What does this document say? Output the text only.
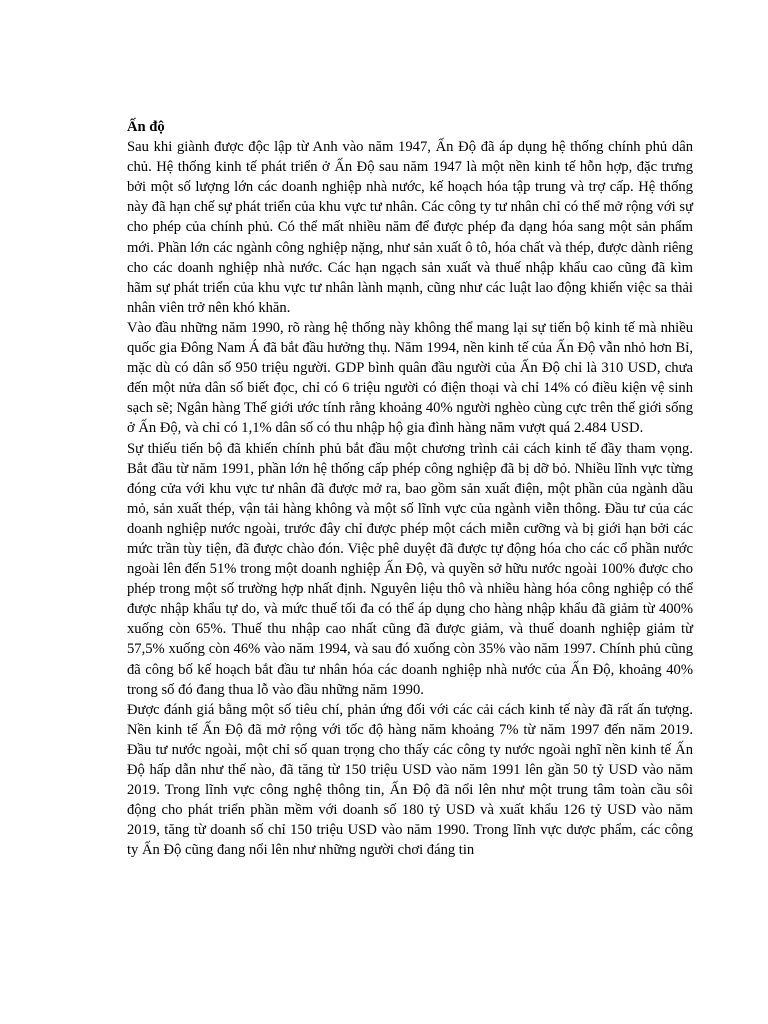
Ấn độ

Sau khi giành được độc lập từ Anh vào năm 1947, Ấn Độ đã áp dụng hệ thống chính phủ dân chủ. Hệ thống kinh tế phát triển ở Ấn Độ sau năm 1947 là một nền kinh tế hỗn hợp, đặc trưng bởi một số lượng lớn các doanh nghiệp nhà nước, kế hoạch hóa tập trung và trợ cấp. Hệ thống này đã hạn chế sự phát triển của khu vực tư nhân. Các công ty tư nhân chỉ có thể mở rộng với sự cho phép của chính phủ. Có thể mất nhiều năm để được phép đa dạng hóa sang một sản phẩm mới. Phần lớn các ngành công nghiệp nặng, như sản xuất ô tô, hóa chất và thép, được dành riêng cho các doanh nghiệp nhà nước. Các hạn ngạch sản xuất và thuế nhập khẩu cao cũng đã kìm hãm sự phát triển của khu vực tư nhân lành mạnh, cũng như các luật lao động khiến việc sa thải nhân viên trở nên khó khăn.

Vào đầu những năm 1990, rõ ràng hệ thống này không thể mang lại sự tiến bộ kinh tế mà nhiều quốc gia Đông Nam Á đã bắt đầu hưởng thụ. Năm 1994, nền kinh tế của Ấn Độ vẫn nhỏ hơn Bỉ, mặc dù có dân số 950 triệu người. GDP bình quân đầu người của Ấn Độ chỉ là 310 USD, chưa đến một nửa dân số biết đọc, chỉ có 6 triệu người có điện thoại và chỉ 14% có điều kiện vệ sinh sạch sẽ; Ngân hàng Thế giới ước tính rằng khoảng 40% người nghèo cùng cực trên thế giới sống ở Ấn Độ, và chỉ có 1,1% dân số có thu nhập hộ gia đình hàng năm vượt quá 2.484 USD.

Sự thiếu tiến bộ đã khiến chính phủ bắt đầu một chương trình cải cách kinh tế đầy tham vọng. Bắt đầu từ năm 1991, phần lớn hệ thống cấp phép công nghiệp đã bị dỡ bỏ. Nhiều lĩnh vực từng đóng cửa với khu vực tư nhân đã được mở ra, bao gồm sản xuất điện, một phần của ngành dầu mỏ, sản xuất thép, vận tải hàng không và một số lĩnh vực của ngành viễn thông. Đầu tư của các doanh nghiệp nước ngoài, trước đây chỉ được phép một cách miễn cưỡng và bị giới hạn bởi các mức trần tùy tiện, đã được chào đón. Việc phê duyệt đã được tự động hóa cho các cổ phần nước ngoài lên đến 51% trong một doanh nghiệp Ấn Độ, và quyền sở hữu nước ngoài 100% được cho phép trong một số trường hợp nhất định. Nguyên liệu thô và nhiều hàng hóa công nghiệp có thể được nhập khẩu tự do, và mức thuế tối đa có thể áp dụng cho hàng nhập khẩu đã giảm từ 400% xuống còn 65%. Thuế thu nhập cao nhất cũng đã được giảm, và thuế doanh nghiệp giảm từ 57,5% xuống còn 46% vào năm 1994, và sau đó xuống còn 35% vào năm 1997. Chính phủ cũng đã công bố kế hoạch bắt đầu tư nhân hóa các doanh nghiệp nhà nước của Ấn Độ, khoảng 40% trong số đó đang thua lỗ vào đầu những năm 1990.

Được đánh giá bằng một số tiêu chí, phản ứng đối với các cải cách kinh tế này đã rất ấn tượng. Nền kinh tế Ấn Độ đã mở rộng với tốc độ hàng năm khoảng 7% từ năm 1997 đến năm 2019. Đầu tư nước ngoài, một chỉ số quan trọng cho thấy các công ty nước ngoài nghĩ nền kinh tế Ấn Độ hấp dẫn như thế nào, đã tăng từ 150 triệu USD vào năm 1991 lên gần 50 tỷ USD vào năm 2019. Trong lĩnh vực công nghệ thông tin, Ấn Độ đã nổi lên như một trung tâm toàn cầu sôi động cho phát triển phần mềm với doanh số 180 tỷ USD và xuất khẩu 126 tỷ USD vào năm 2019, tăng từ doanh số chỉ 150 triệu USD vào năm 1990. Trong lĩnh vực dược phẩm, các công ty Ấn Độ cũng đang nổi lên như những người chơi đáng tin
